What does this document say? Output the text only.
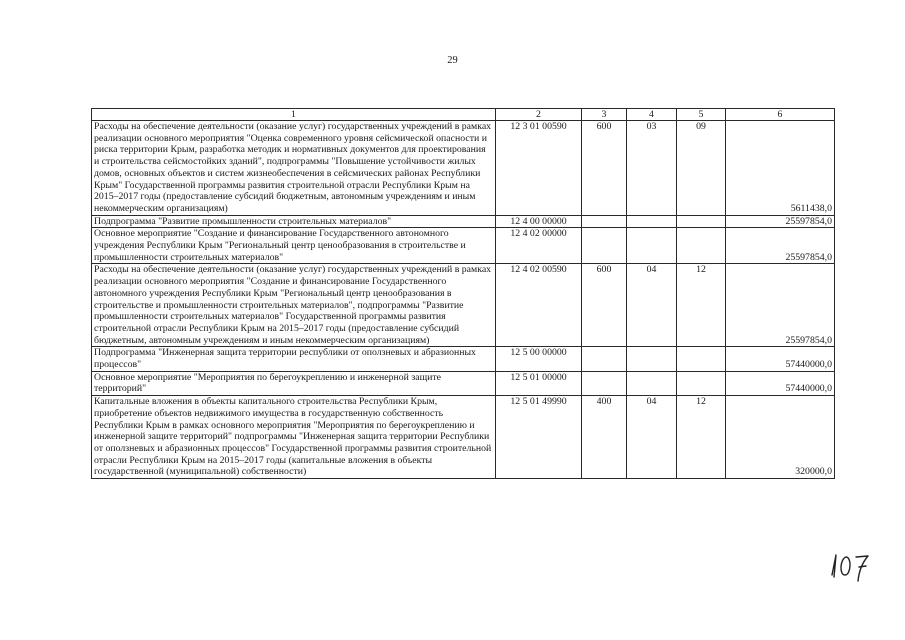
29
1	2	3	4	5	6
Расходы на обеспечение деятельности (оказание услуг) государственных учреждений в рамках реализации основного мероприятия "Оценка современного уровня сейсмической опасности и риска территории Крым, разработка методик и нормативных документов для проектирования и строительства сейсмостойких зданий", подпрограммы "Повышение устойчивости жилых домов, основных объектов и систем жизнеобеспечения в сейсмических районах Республики Крым" Государственной программы развития строительной отрасли Республики Крым на 2015–2017 годы (предоставление субсидий бюджетным, автономным учреждениям и иным некоммерческим организациям)	12 3 01 00590	600	03	09	5611438,0
Подпрограмма "Развитие промышленности строительных материалов"	12 4 00 00000				25597854,0
Основное мероприятие "Создание и финансирование Государственного автономного учреждения Республики Крым "Региональный центр ценообразования в строительстве и промышленности строительных материалов"	12 4 02 00000				25597854,0
Расходы на обеспечение деятельности (оказание услуг) государственных учреждений в рамках реализации основного мероприятия "Создание и финансирование Государственного автономного учреждения Республики Крым "Региональный центр ценообразования в строительстве и промышленности строительных материалов", подпрограммы "Развитие промышленности строительных материалов" Государственной программы развития строительной отрасли Республики Крым на 2015–2017 годы (предоставление субсидий бюджетным, автономным учреждениям и иным некоммерческим организациям)	12 4 02 00590	600	04	12	25597854,0
Подпрограмма "Инженерная защита территории республики от оползневых и абразионных процессов"	12 5 00 00000				57440000,0
Основное мероприятие "Мероприятия по берегоукреплению и инженерной защите территорий"	12 5 01 00000				57440000,0
Капитальные вложения в объекты капитального строительства Республики Крым, приобретение объектов недвижимого имущества в государственную собственность Республики Крым в рамках основного мероприятия "Мероприятия по берегоукреплению и инженерной защите территорий" подпрограммы "Инженерная защита территории Республики от оползневых и абразионных процессов" Государственной программы развития строительной отрасли Республики Крым на 2015–2017 годы (капитальные вложения в объекты государственной (муниципальной) собственности)	12 5 01 49990	400	04	12	320000,0
